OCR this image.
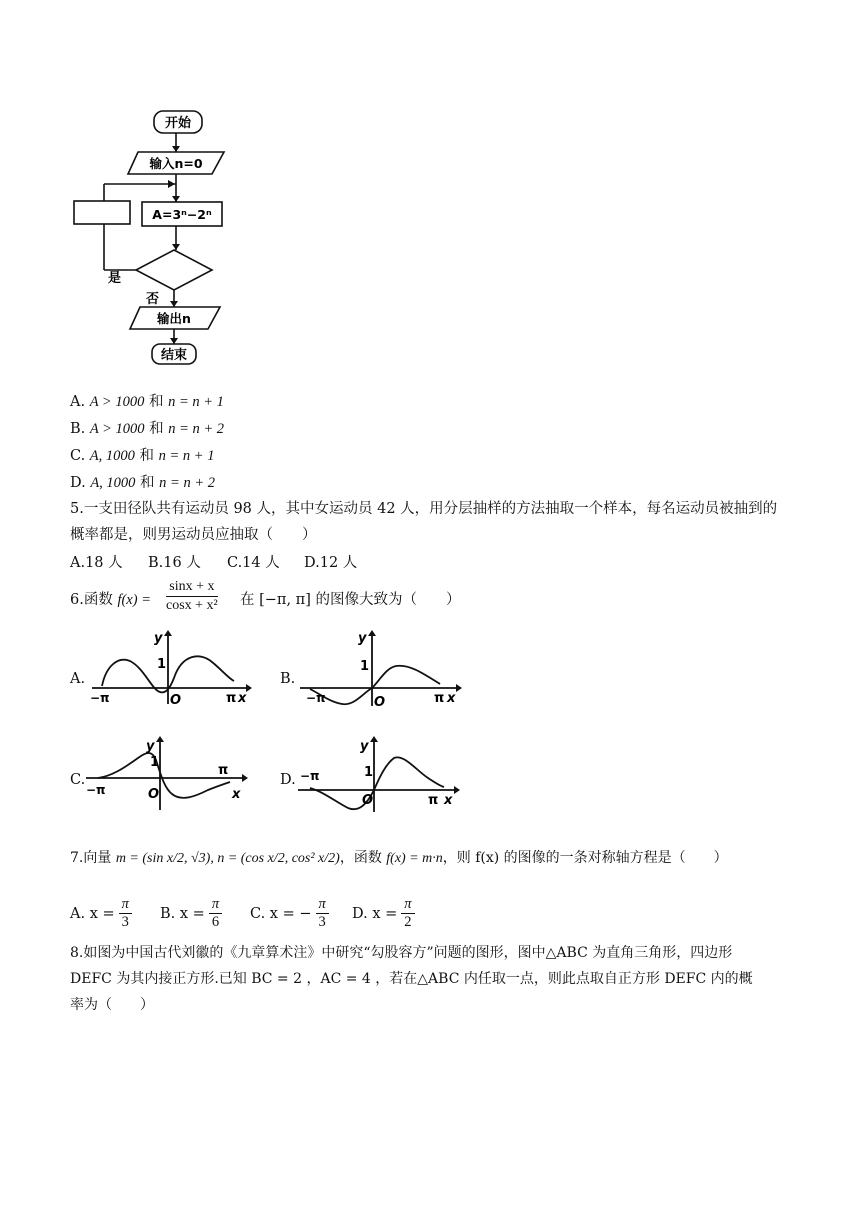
开始
输入n=0
A=3ⁿ−2ⁿ
是
否
输出n
结束
A. A > 1000 和 n = n + 1
B. A > 1000 和 n = n + 2
C. A, 1000 和 n = n + 1
D. A, 1000 和 n = n + 2
5.一支田径队共有运动员 98 人，其中女运动员 42 人，用分层抽样的方法抽取一个样本，每名运动员被抽到的
概率都是，则男运动员应抽取（　　）
A.18 人 B.16 人 C.14 人 D.12 人
6.函数 $f(x) = \frac{\sin x + x}{\text{cosx + x²}}$ 在 [−π, π] 的图像大致为（　　）
A.	B.
C.	D.
y
1
−π	O	π x
y
1
−π	O	π x
y
1
−π	O
π
x
y
1
−π
O	π x
7.向量 m = (sin x/2, √3), n = (cos x/2, cos² x/2)，函数 f(x) = m·n，则 f(x) 的图像的一条对称轴方程是（　　）
A. $x = \frac{\pi}{3} B$. $x = \frac{\pi}{6} C$. x = − $\frac{\pi}{3} D$. $x = \frac{\pi}{2}$
8.如图为中国古代刘徽的《九章算术注》中研究“勾股容方”问题的图形，图中△ABC 为直角三角形，四边形
DEFC 为其内接正方形.已知 BC = 2 ，AC = 4 ，若在△ABC 内任取一点，则此点取自正方形 DEFC 内的概
率为（　　）
